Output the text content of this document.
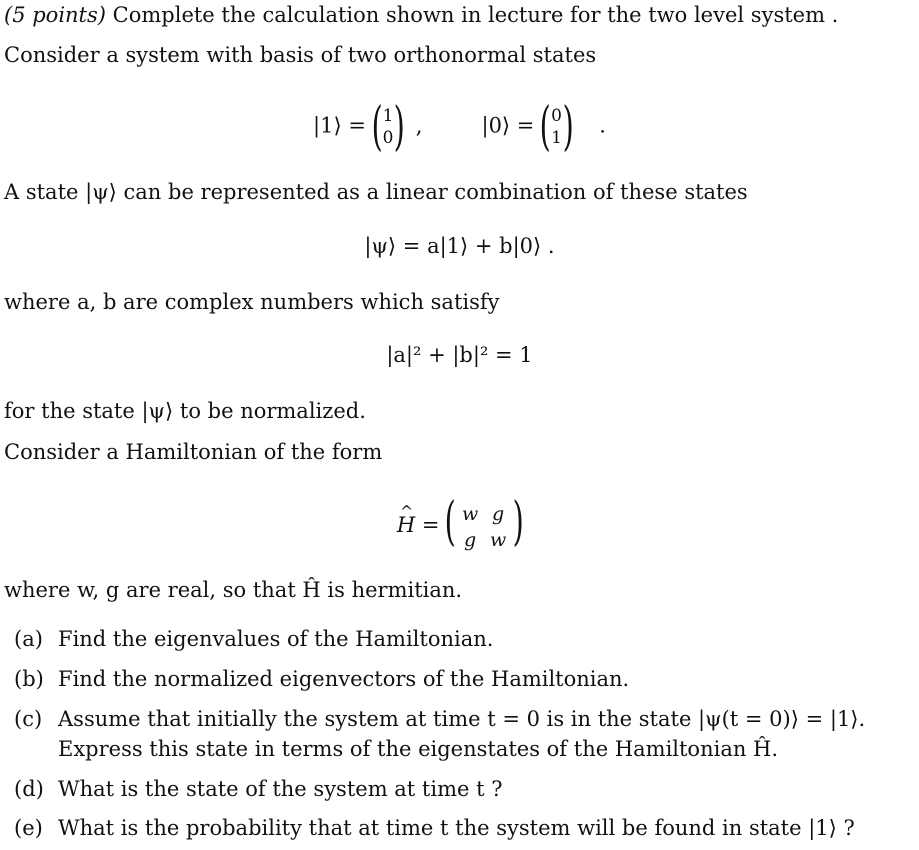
(5 points) Complete the calculation shown in lecture for the two level system .
Consider a system with basis of two orthonormal states
|1⟩ = ( 1
0 ) ,	|0⟩ = ( 0
1 ) .
A state |ψ⟩ can be represented as a linear combination of these states
|ψ⟩ = a|1⟩ + b|0⟩ .
where a, b are complex numbers which satisfy
|a|² + |b|² = 1
for the state |ψ⟩ to be normalized.
Consider a Hamiltonian of the form
^ H = ( w g
g w )
where w, g are real, so that Ĥ is hermitian.
(a) Find the eigenvalues of the Hamiltonian.
(b) Find the normalized eigenvectors of the Hamiltonian.
(c) Assume that initially the system at time t = 0 is in the state |ψ(t = 0)⟩ = |1⟩.
Express this state in terms of the eigenstates of the Hamiltonian Ĥ.
(d) What is the state of the system at time t ?
(e) What is the probability that at time t the system will be found in state |1⟩ ?
